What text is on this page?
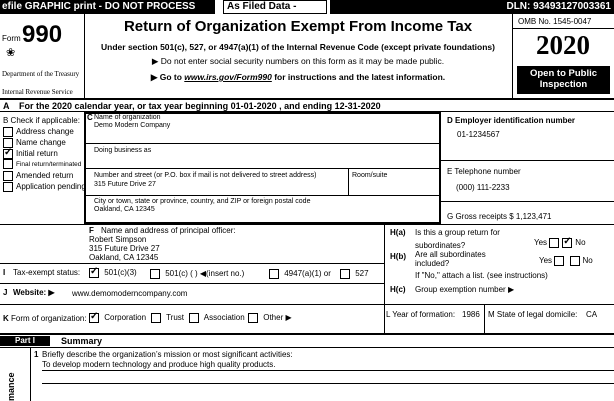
efile GRAPHIC print - DO NOT PROCESS	As Filed Data -	DLN: 93493127003361
Form 990
❀
Department of the Treasury
Internal Revenue Service
Return of Organization Exempt From Income Tax
Under section 501(c), 527, or 4947(a)(1) of the Internal Revenue Code (except private foundations)
▶ Do not enter social security numbers on this form as it may be made public.
▶ Go to www.irs.gov/Form990 for instructions and the latest information.
OMB No. 1545-0047
2020
Open to Public
Inspection
A For the 2020 calendar year, or tax year beginning 01-01-2020 , and ending 12-31-2020
B Check if applicable:
Address change
Name change
✓Initial return
Final return/terminated
Amended return
Application pending
C Name of organization
Demo Modern Company
Doing business as
Number and street (or P.O. box if mail is not delivered to street address)	Room/suite
315 Future Drive 27
City or town, state or province, country, and ZIP or foreign postal code
Oakland, CA 12345
D Employer identification number
01-1234567
E Telephone number
(000) 111-2233
G Gross receipts $ 1,123,471
F Name and address of principal officer:
Robert Simpson
315 Future Drive 27
Oakland, CA 12345
H(a) Is this a group return for
subordinates?	Yes ✓	No
H(b) Are all subordinates
included?	Yes	No
If "No," attach a list. (see instructions)
H(c) Group exemption number ▶
I Tax-exempt status: ✓	501(c)(3)	501(c) ( ) ◀(insert no.)	4947(a)(1) or	527
J Website: ▶ www.demomoderncompany.com
K Form of organization: ✓	Corporation	Trust	Association	Other ▶	L Year of formation: 1986 M State of legal domicile: CA
Part I	Summary
1 Briefly describe the organization’s mission or most significant activities:
To develop modern technology and produce high quality products.
mance
